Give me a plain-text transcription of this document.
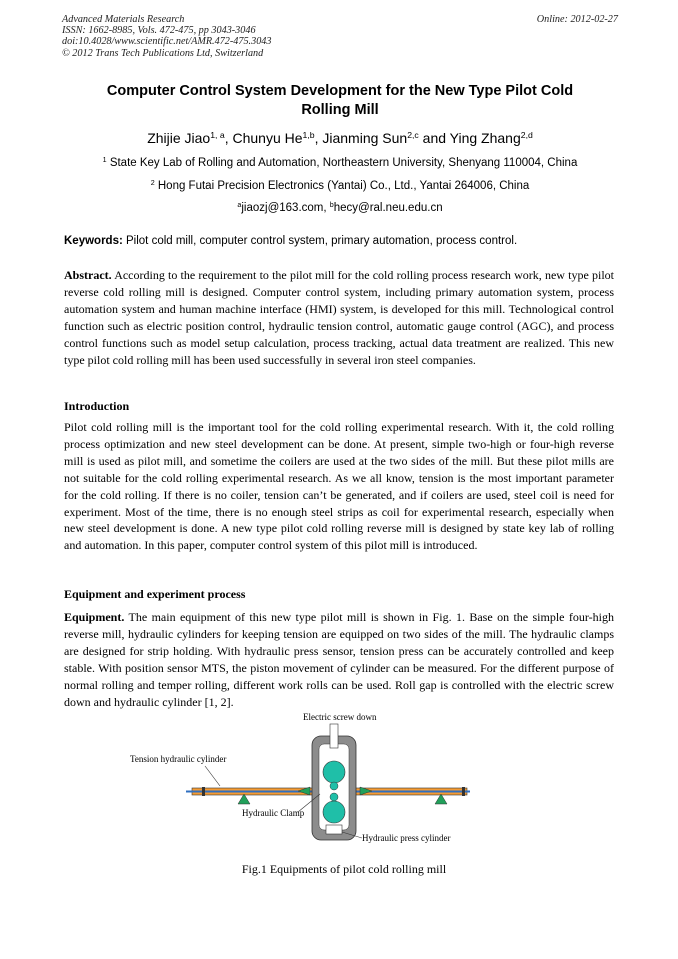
Advanced Materials Research
ISSN: 1662-8985, Vols. 472-475, pp 3043-3046
doi:10.4028/www.scientific.net/AMR.472-475.3043
© 2012 Trans Tech Publications Ltd, Switzerland
Online: 2012-02-27
Computer Control System Development for the New Type Pilot Cold
Rolling Mill
Zhijie Jiao$^{1, a}$, Chunyu He$^{1,b}$, Jianming Sun$^{2,c}$ and Ying Zhang$^{2,d}$
$^1$ State Key Lab of Rolling and Automation, Northeastern University, Shenyang 110004, China
$^2$ Hong Futai Precision Electronics (Yantai) Co., Ltd., Yantai 264006, China
$^a$jiaozj@163.com, $^b$hecy@ral.neu.edu.cn
Keywords: Pilot cold mill, computer control system, primary automation, process control.
Abstract. According to the requirement to the pilot mill for the cold rolling process research work, new type pilot reverse cold rolling mill is designed. Computer control system, including primary automation system, process automation system and human machine interface (HMI) system, is developed for this mill. Technological control function such as electric position control, hydraulic tension control, automatic gauge control (AGC), and process control functions such as model setup calculation, process tracking, actual data treatment are realized. This new type pilot cold rolling mill has been used successfully in several iron steel companies.
Introduction
Pilot cold rolling mill is the important tool for the cold rolling experimental research. With it, the cold rolling process optimization and new steel development can be done. At present, simple two-high or four-high reverse mill is used as pilot mill, and sometime the coilers are used at the two sides of the mill. But these pilot mills are not suitable for the cold rolling experimental research. As we all know, tension is the most important parameter for the cold rolling. If there is no coiler, tension can’t be generated, and if coilers are used, steel coil is need for experiment. Most of the time, there is no enough steel strips as coil for experimental research, especially when new steel development is done. A new type pilot cold rolling reverse mill is designed by state key lab of rolling and automation. In this paper, computer control system of this pilot mill is introduced.
Equipment and experiment process
Equipment. The main equipment of this new type pilot mill is shown in Fig. 1. Base on the simple four-high reverse mill, hydraulic cylinders for keeping tension are equipped on two sides of the mill. The hydraulic clamps are designed for strip holding. With hydraulic press sensor, tension press can be accurately controlled and keep stable. With position sensor MTS, the piston movement of cylinder can be measured. For the different purpose of normal rolling and temper rolling, different work rolls can be used. Roll gap is controlled with the electric screw down and hydraulic cylinder [1, 2].
Electric screw down
Tension hydraulic cylinder
Hydraulic Clamp
Hydraulic press cylinder
Fig.1 Equipments of pilot cold rolling mill
